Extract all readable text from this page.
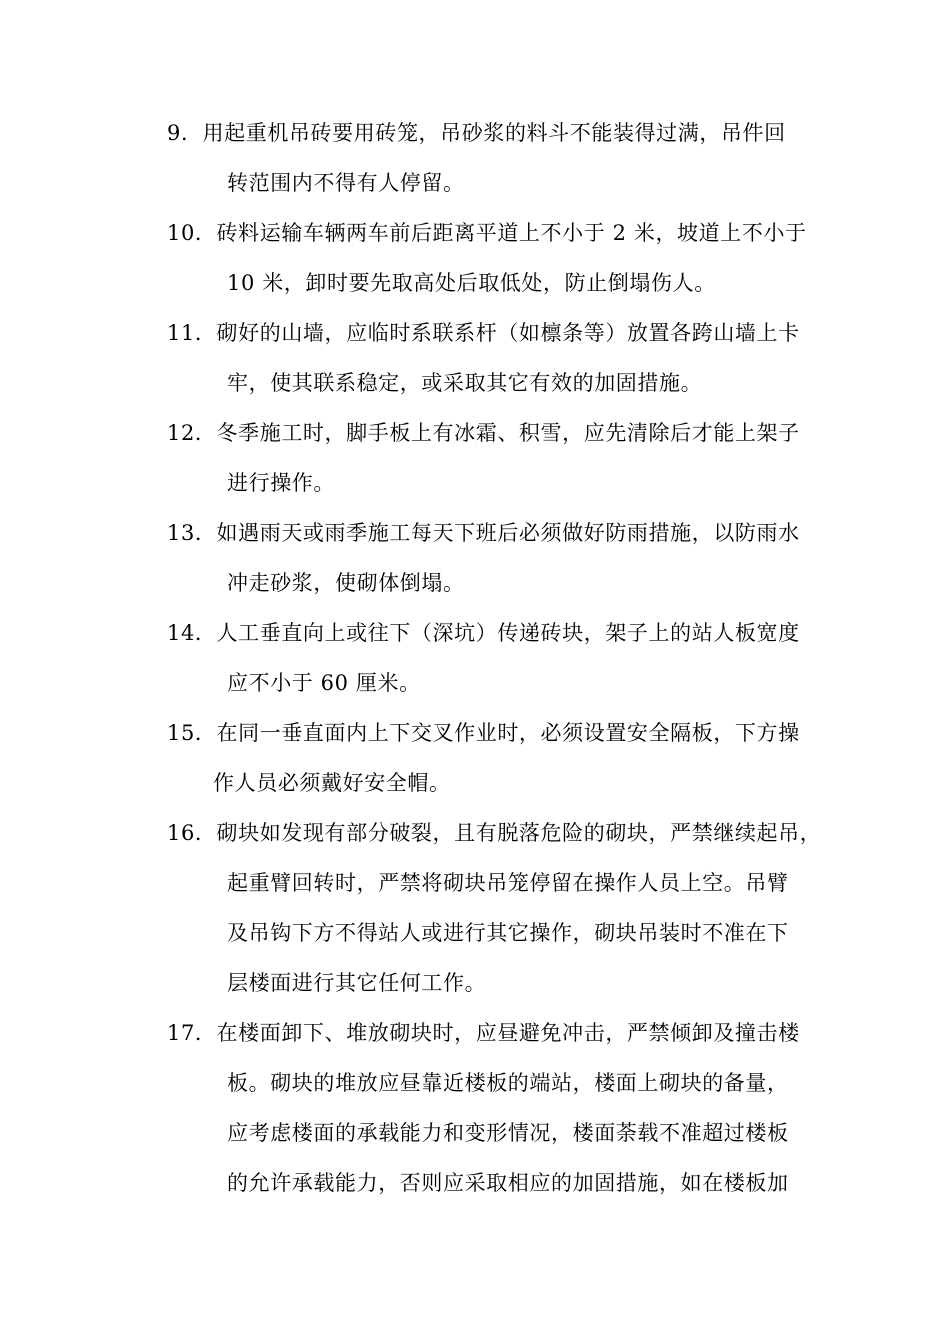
9．用起重机吊砖要用砖笼，吊砂浆的料斗不能装得过满，吊件回
转范围内不得有人停留。
10．砖料运输车辆两车前后距离平道上不小于 2 米，坡道上不小于
10 米，卸时要先取高处后取低处，防止倒塌伤人。
11．砌好的山墙，应临时系联系杆（如檩条等）放置各跨山墙上卡
牢，使其联系稳定，或采取其它有效的加固措施。
12．冬季施工时，脚手板上有冰霜、积雪，应先清除后才能上架子
进行操作。
13．如遇雨天或雨季施工每天下班后必须做好防雨措施，以防雨水
冲走砂浆，使砌体倒塌。
14．人工垂直向上或往下（深坑）传递砖块，架子上的站人板宽度
应不小于 60 厘米。
15．在同一垂直面内上下交叉作业时，必须设置安全隔板，下方操
作人员必须戴好安全帽。
16．砌块如发现有部分破裂，且有脱落危险的砌块，严禁继续起吊，
起重臂回转时，严禁将砌块吊笼停留在操作人员上空。吊臂
及吊钩下方不得站人或进行其它操作，砌块吊装时不准在下
层楼面进行其它任何工作。
17．在楼面卸下、堆放砌块时，应昼避免冲击，严禁倾卸及撞击楼
板。砌块的堆放应昼靠近楼板的端站，楼面上砌块的备量，
应考虑楼面的承载能力和变形情况，楼面荼载不准超过楼板
的允许承载能力，否则应采取相应的加固措施，如在楼板加
